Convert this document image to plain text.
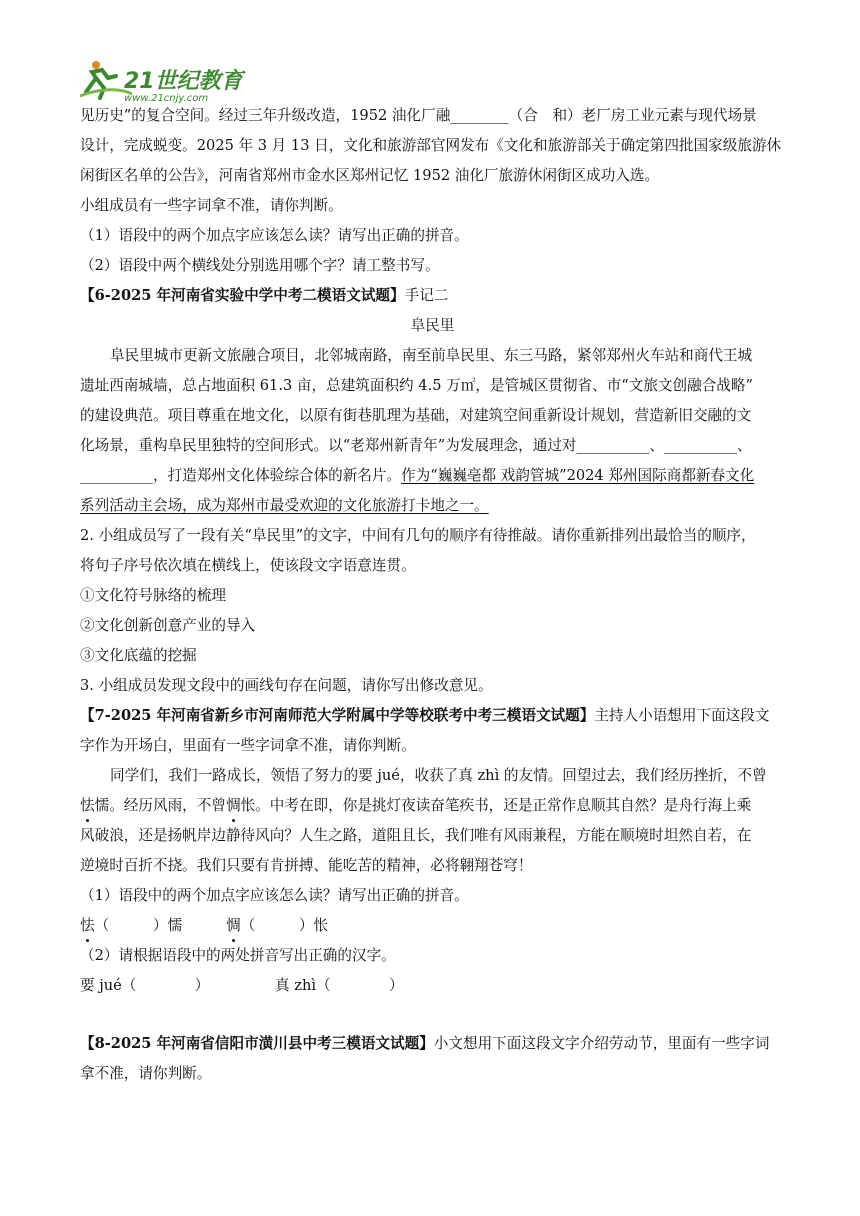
21世纪教育
www.21cnjy.com
见历史”的复合空间。经过三年升级改造，1952 油化厂融________（合　和）老厂房工业元素与现代场景
设计，完成蜕变。2025 年 3 月 13 日，文化和旅游部官网发布《文化和旅游部关于确定第四批国家级旅游休
闲街区名单的公告》，河南省郑州市金水区郑州记忆 1952 油化厂旅游休闲街区成功入选。
小组成员有一些字词拿不准，请你判断。
（1）语段中的两个加点字应该怎么读？请写出正确的拼音。
（2）语段中两个横线处分别选用哪个字？请工整书写。
【6-2025 年河南省实验中学中考二模语文试题】手记二
阜民里
阜民里城市更新文旅融合项目，北邻城南路，南至前阜民里、东三马路，紧邻郑州火车站和商代王城
遗址西南城墙，总占地面积 61.3 亩，总建筑面积约 4.5 万㎡，是管城区贯彻省、市“文旅文创融合战略”
的建设典范。项目尊重在地文化，以原有街巷肌理为基础，对建筑空间重新设计规划，营造新旧交融的文
化场景，重构阜民里独特的空间形式。以“老郑州新青年”为发展理念，通过对__________、__________、
__________，打造郑州文化体验综合体的新名片。作为“巍巍亳都 戏韵管城”2024 郑州国际商都新春文化
系列活动主会场，成为郑州市最受欢迎的文化旅游打卡地之一。
2. 小组成员写了一段有关“阜民里”的文字，中间有几句的顺序有待推敲。请你重新排列出最恰当的顺序，
将句子序号依次填在横线上，使该段文字语意连贯。
①文化符号脉络的梳理
②文化创新创意产业的导入
③文化底蕴的挖掘
3. 小组成员发现文段中的画线句存在问题，请你写出修改意见。
【7-2025 年河南省新乡市河南师范大学附属中学等校联考中考三模语文试题】主持人小语想用下面这段文
字作为开场白，里面有一些字词拿不准，请你判断。
同学们，我们一路成长，领悟了努力的要 jué，收获了真 zhì 的友情。回望过去，我们经历挫折，不曾
怯懦。经历风雨，不曾惆怅。中考在即，你是挑灯夜读奋笔疾书，还是正常作息顺其自然？是舟行海上乘
风破浪，还是扬帆岸边静待风向？人生之路，道阻且长，我们唯有风雨兼程，方能在顺境时坦然自若，在
逆境时百折不挠。我们只要有肯拼搏、能吃苦的精神，必将翱翔苍穹！
（1）语段中的两个加点字应该怎么读？请写出正确的拼音。
怯（　　　）懦　　　惆（　　　）怅
（2）请根据语段中的两处拼音写出正确的汉字。
要 jué（　　　　）　　　　　真 zhì（　　　　）
【8-2025 年河南省信阳市潢川县中考三模语文试题】小文想用下面这段文字介绍劳动节，里面有一些字词
拿不准，请你判断。
